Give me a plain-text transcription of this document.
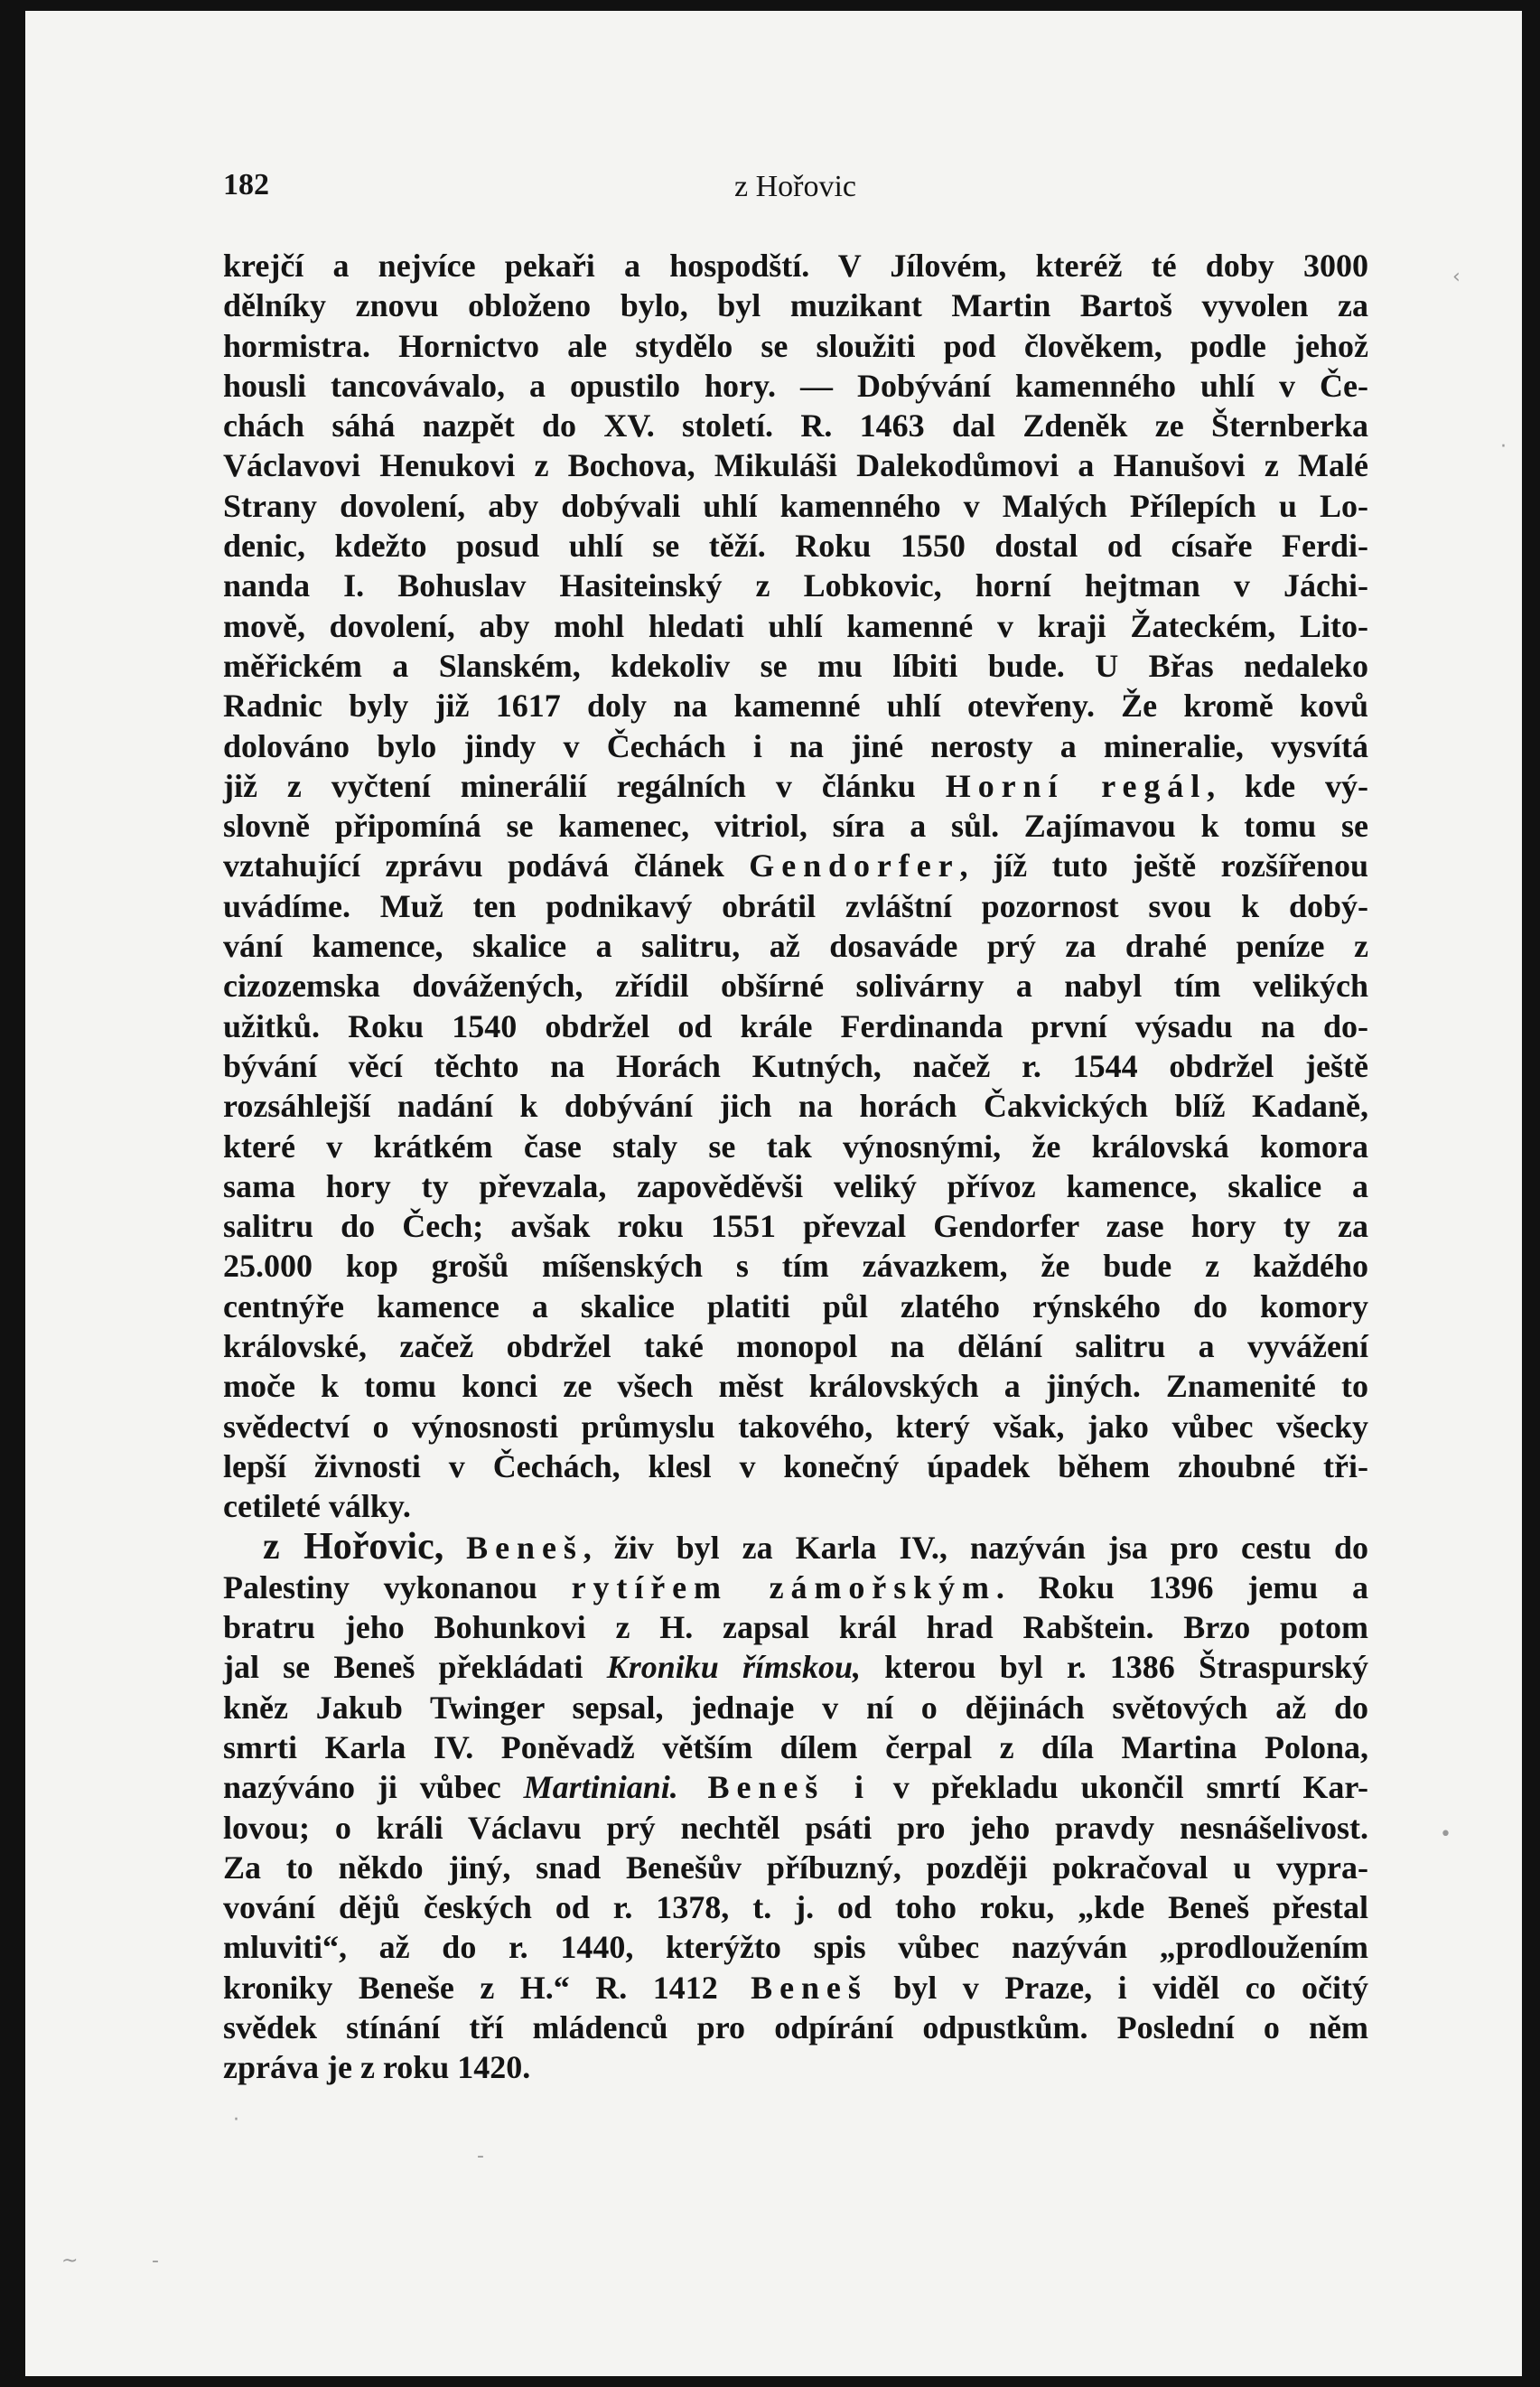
‹
·
•
·
-
~	-
182	z Hořovic
krejčí a nejvíce pekaři a hospodští. V Jílovém, kteréž té doby 3000
dělníky znovu obloženo bylo, byl muzikant Martin Bartoš vyvolen za
hormistra. Hornictvo ale stydělo se sloužiti pod člověkem, podle jehož
housli tancovávalo, a opustilo hory. — Dobývání kamenného uhlí v Če-
chách sáhá nazpět do XV. století. R. 1463 dal Zdeněk ze Šternberka
Václavovi Henukovi z Bochova, Mikuláši Dalekodůmovi a Hanušovi z Malé
Strany dovolení, aby dobývali uhlí kamenného v Malých Přílepích u Lo-
denic, kdežto posud uhlí se těží. Roku 1550 dostal od císaře Ferdi-
nanda I. Bohuslav Hasiteinský z Lobkovic, horní hejtman v Jáchi-
mově, dovolení, aby mohl hledati uhlí kamenné v kraji Žateckém, Lito-
měřickém a Slanském, kdekoliv se mu líbiti bude. U Břas nedaleko
Radnic byly již 1617 doly na kamenné uhlí otevřeny. Že kromě kovů
dolováno bylo jindy v Čechách i na jiné nerosty a mineralie, vysvítá
již z vyčtení minerálií regálních v článku Horní regál, kde vý-
slovně připomíná se kamenec, vitriol, síra a sůl. Zajímavou k tomu se
vztahující zprávu podává článek Gendorfer, jíž tuto ještě rozšířenou
uvádíme. Muž ten podnikavý obrátil zvláštní pozornost svou k dobý-
vání kamence, skalice a salitru, až dosaváde prý za drahé peníze z
cizozemska dovážených, zřídil obšírné solivárny a nabyl tím velikých
užitků. Roku 1540 obdržel od krále Ferdinanda první výsadu na do-
bývání věcí těchto na Horách Kutných, načež r. 1544 obdržel ještě
rozsáhlejší nadání k dobývání jich na horách Čakvických blíž Kadaně,
které v krátkém čase staly se tak výnosnými, že královská komora
sama hory ty převzala, zapověděvši veliký přívoz kamence, skalice a
salitru do Čech; avšak roku 1551 převzal Gendorfer zase hory ty za
25.000 kop grošů míšenských s tím závazkem, že bude z každého
centnýře kamence a skalice platiti půl zlatého rýnského do komory
královské, začež obdržel také monopol na dělání salitru a vyvážení
moče k tomu konci ze všech měst královských a jiných. Znamenité to
svědectví o výnosnosti průmyslu takového, který však, jako vůbec všecky
lepší živnosti v Čechách, klesl v konečný úpadek během zhoubné tři-
cetileté války.
z Hořovic, Beneš, živ byl za Karla IV., nazýván jsa pro cestu do
Palestiny vykonanou rytířem zámořským. Roku 1396 jemu a
bratru jeho Bohunkovi z H. zapsal král hrad Rabštein. Brzo potom
jal se Beneš překládati Kroniku římskou, kterou byl r. 1386 Štraspurský
kněz Jakub Twinger sepsal, jednaje v ní o dějinách světových až do
smrti Karla IV. Poněvadž větším dílem čerpal z díla Martina Polona,
nazýváno ji vůbec Martiniani. Beneš i v překladu ukončil smrtí Kar-
lovou; o králi Václavu prý nechtěl psáti pro jeho pravdy nesnášelivost.
Za to někdo jiný, snad Benešův příbuzný, později pokračoval u vypra-
vování dějů českých od r. 1378, t. j. od toho roku, „kde Beneš přestal
mluviti“, až do r. 1440, kterýžto spis vůbec nazýván „prodloužením
kroniky Beneše z H.“ R. 1412 Beneš byl v Praze, i viděl co očitý
svědek stínání tří mládenců pro odpírání odpustkům. Poslední o něm
zpráva je z roku 1420.
